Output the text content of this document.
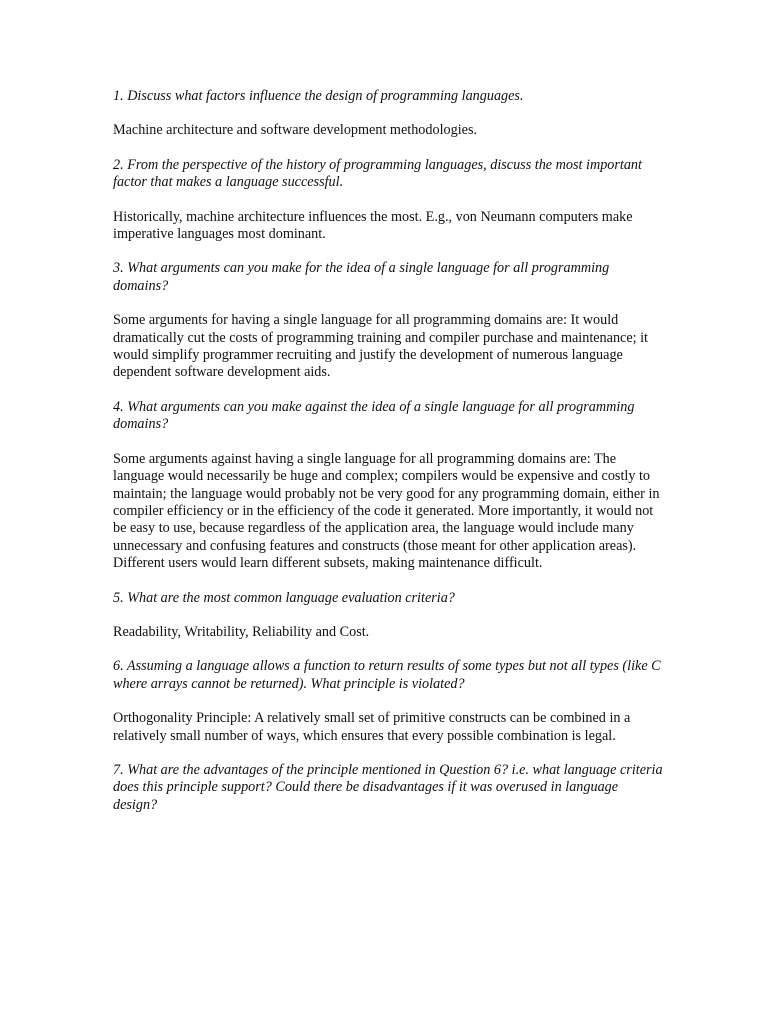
1. Discuss what factors influence the design of programming languages.

Machine architecture and software development methodologies.

2. From the perspective of the history of programming languages, discuss the most important factor that makes a language successful.

Historically, machine architecture influences the most. E.g., von Neumann computers make imperative languages most dominant.

3. What arguments can you make for the idea of a single language for all programming domains?

Some arguments for having a single language for all programming domains are: It would dramatically cut the costs of programming training and compiler purchase and maintenance; it would simplify programmer recruiting and justify the development of numerous language dependent software development aids.

4. What arguments can you make against the idea of a single language for all programming domains?

Some arguments against having a single language for all programming domains are: The language would necessarily be huge and complex; compilers would be expensive and costly to maintain; the language would probably not be very good for any programming domain, either in compiler efficiency or in the efficiency of the code it generated. More importantly, it would not be easy to use, because regardless of the application area, the language would include many unnecessary and confusing features and constructs (those meant for other application areas). Different users would learn different subsets, making maintenance difficult.

5. What are the most common language evaluation criteria?

Readability, Writability, Reliability and Cost.

6. Assuming a language allows a function to return results of some types but not all types (like C where arrays cannot be returned). What principle is violated?

Orthogonality Principle: A relatively small set of primitive constructs can be combined in a relatively small number of ways, which ensures that every possible combination is legal.

7. What are the advantages of the principle mentioned in Question 6? i.e. what language criteria does this principle support? Could there be disadvantages if it was overused in language design?
